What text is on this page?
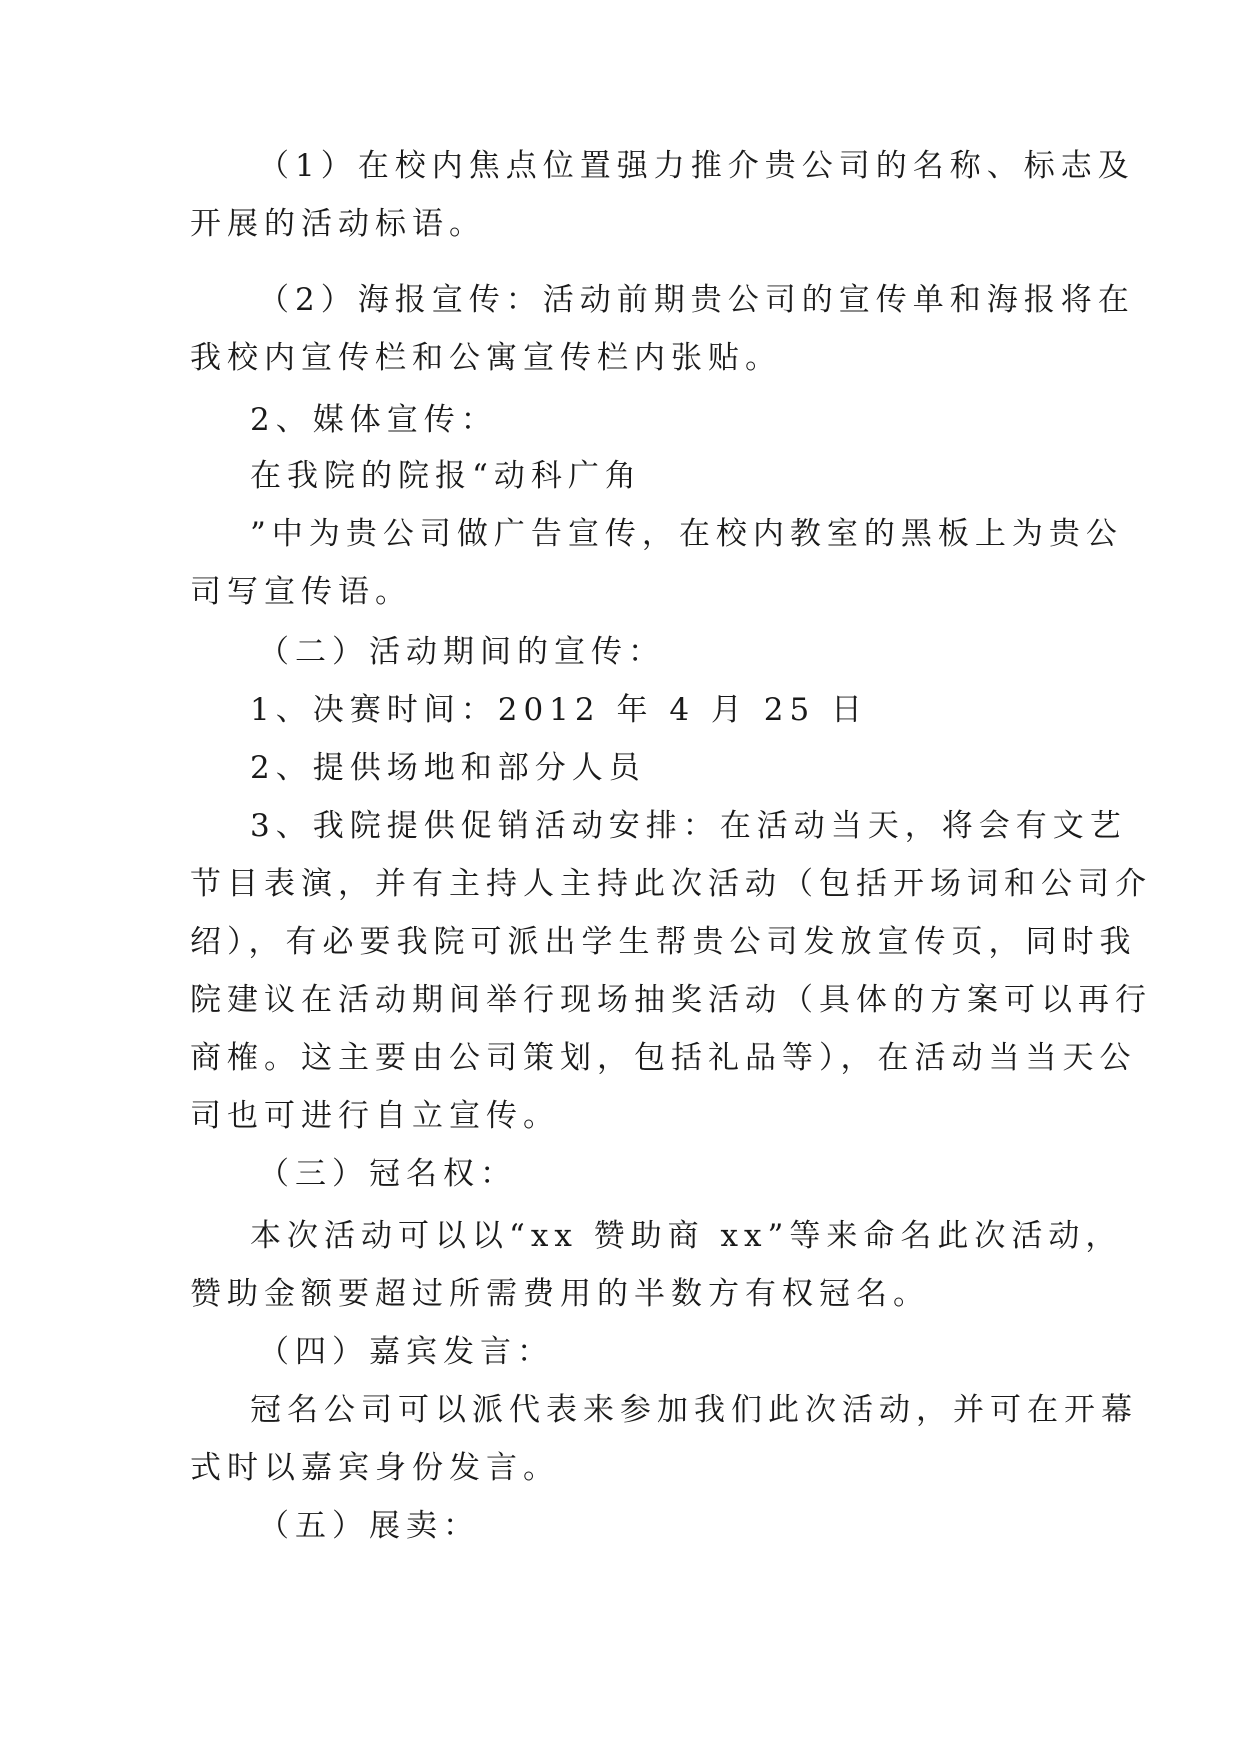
（1）在校内焦点位置强力推介贵公司的名称、标志及
开展的活动标语。
（2）海报宣传：活动前期贵公司的宣传单和海报将在
我校内宣传栏和公寓宣传栏内张贴。
2、媒体宣传：
在我院的院报“动科广角
”中为贵公司做广告宣传，在校内教室的黑板上为贵公
司写宣传语。
（二）活动期间的宣传：
1、决赛时间：2012 年 4 月 25 日
2、提供场地和部分人员
3、我院提供促销活动安排：在活动当天，将会有文艺
节目表演，并有主持人主持此次活动（包括开场词和公司介
绍），有必要我院可派出学生帮贵公司发放宣传页，同时我
院建议在活动期间举行现场抽奖活动（具体的方案可以再行
商榷。这主要由公司策划，包括礼品等），在活动当当天公
司也可进行自立宣传。
（三）冠名权：
本次活动可以以“xx 赞助商 xx”等来命名此次活动，
赞助金额要超过所需费用的半数方有权冠名。
（四）嘉宾发言：
冠名公司可以派代表来参加我们此次活动，并可在开幕
式时以嘉宾身份发言。
（五）展卖：
